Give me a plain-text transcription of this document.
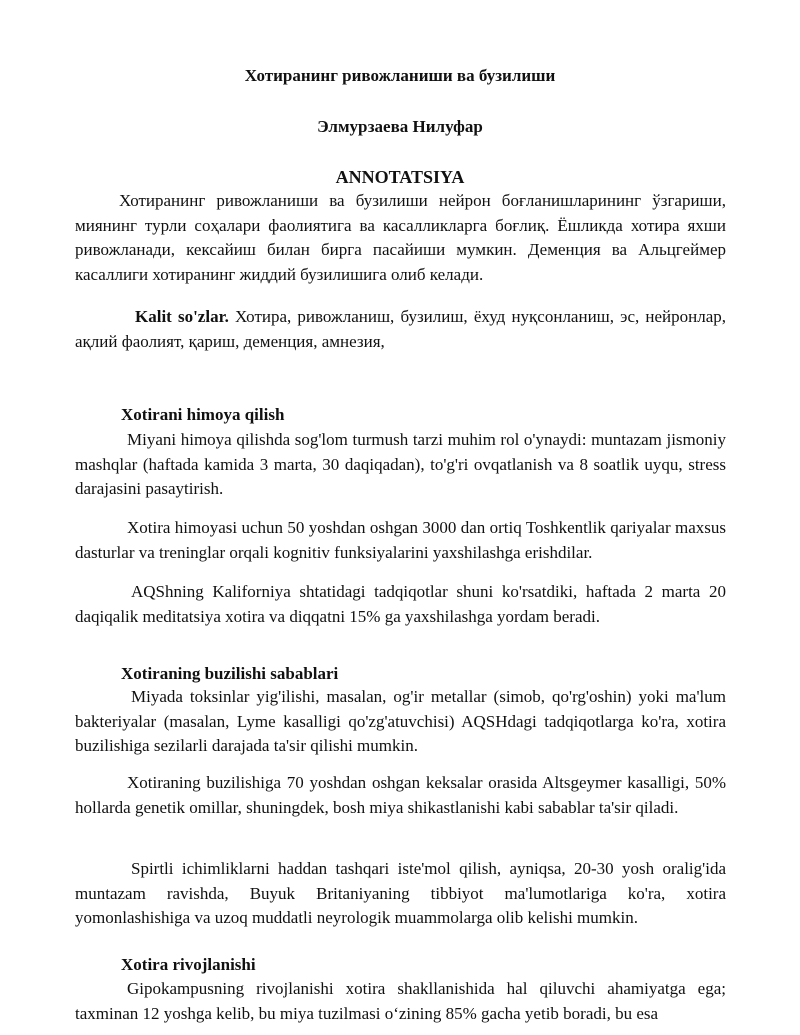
Хотиранинг ривожланиши ва бузилиши
Элмурзаева Нилуфар
ANNOTATSIYA

Хотиранинг ривожланиши ва бузилиши нейрон боғланишларининг ўзгариши, миянинг турли соҳалари фаолиятига ва касалликларга боғлиқ. Ёшликда хотира яхши ривожланади, кексайиш билан бирга пасайиши мумкин. Деменция ва Альцгеймер касаллиги хотиранинг жиддий бузилишига олиб келади.

Kalit so'zlar. Хотира, ривожланиш, бузилиш, ёхуд нуқсонланиш, эс, нейронлар, ақлий фаолият, қариш, деменция, амнезия,

Xotirani himoya qilish

Miyani himoya qilishda sog'lom turmush tarzi muhim rol o'ynaydi: muntazam jismoniy mashqlar (haftada kamida 3 marta, 30 daqiqadan), to'g'ri ovqatlanish va 8 soatlik uyqu, stress darajasini pasaytirish.

Xotira himoyasi uchun 50 yoshdan oshgan 3000 dan ortiq Toshkentlik qariyalar maxsus dasturlar va treninglar orqali kognitiv funksiyalarini yaxshilashga erishdilar.

AQShning Kaliforniya shtatidagi tadqiqotlar shuni ko'rsatdiki, haftada 2 marta 20 daqiqalik meditatsiya xotira va diqqatni 15% ga yaxshilashga yordam beradi.

Xotiraning buzilishi sabablari

Miyada toksinlar yig'ilishi, masalan, og'ir metallar (simob, qo'rg'oshin) yoki ma'lum bakteriyalar (masalan, Lyme kasalligi qo'zg'atuvchisi) AQSHdagi tadqiqotlarga ko'ra, xotira buzilishiga sezilarli darajada ta'sir qilishi mumkin.

Xotiraning buzilishiga 70 yoshdan oshgan keksalar orasida Altsgeymer kasalligi, 50% hollarda genetik omillar, shuningdek, bosh miya shikastlanishi kabi sabablar ta'sir qiladi.

Spirtli ichimliklarni haddan tashqari iste'mol qilish, ayniqsa, 20-30 yosh oralig'ida muntazam ravishda, Buyuk Britaniyaning tibbiyot ma'lumotlariga ko'ra, xotira yomonlashishiga va uzoq muddatli neyrologik muammolarga olib kelishi mumkin.

Xotira rivojlanishi

Gipokampusning rivojlanishi xotira shakllanishida hal qiluvchi ahamiyatga ega; taxminan 12 yoshga kelib, bu miya tuzilmasi o‘zining 85% gacha yetib boradi, bu esa
